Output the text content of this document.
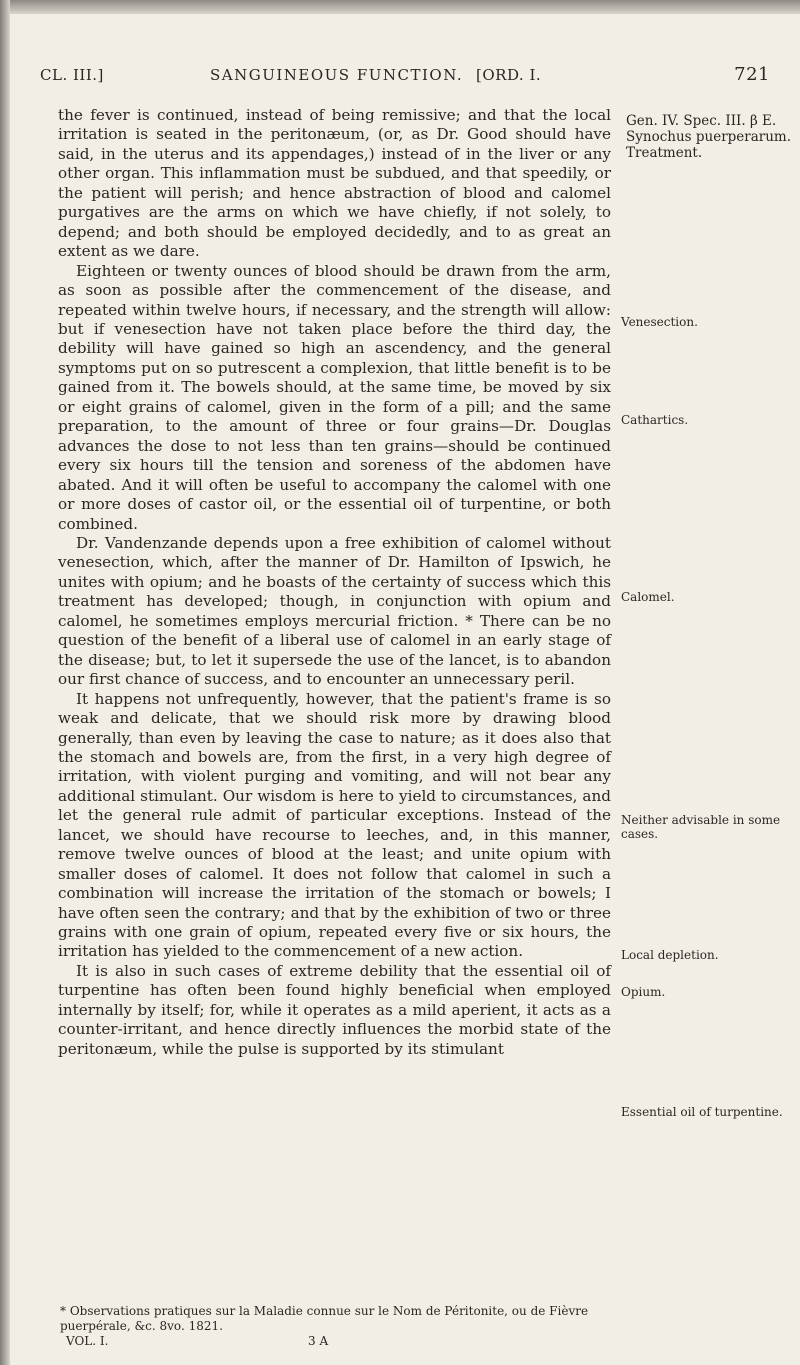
CL. III.]	SANGUINEOUS FUNCTION. [ORD. I.	721

the fever is continued, instead of being remissive; and that the local irritation is seated in the peritonæum, (or, as Dr. Good should have said, in the uterus and its appendages,) instead of in the liver or any other organ. This inflammation must be subdued, and that speedily, or the patient will perish; and hence abstraction of blood and calomel purgatives are the arms on which we have chiefly, if not solely, to depend; and both should be employed decidedly, and to as great an extent as we dare.

Eighteen or twenty ounces of blood should be drawn from the arm, as soon as possible after the commencement of the disease, and repeated within twelve hours, if necessary, and the strength will allow: but if venesection have not taken place before the third day, the debility will have gained so high an ascendency, and the general symptoms put on so putrescent a complexion, that little benefit is to be gained from it. The bowels should, at the same time, be moved by six or eight grains of calomel, given in the form of a pill; and the same preparation, to the amount of three or four grains—Dr. Douglas advances the dose to not less than ten grains—should be continued every six hours till the tension and soreness of the abdomen have abated. And it will often be useful to accompany the calomel with one or more doses of castor oil, or the essential oil of turpentine, or both combined.

Dr. Vandenzande depends upon a free exhibition of calomel without venesection, which, after the manner of Dr. Hamilton of Ipswich, he unites with opium; and he boasts of the certainty of success which this treatment has developed; though, in conjunction with opium and calomel, he sometimes employs mercurial friction. * There can be no question of the benefit of a liberal use of calomel in an early stage of the disease; but, to let it supersede the use of the lancet, is to abandon our first chance of success, and to encounter an unnecessary peril.

It happens not unfrequently, however, that the patient's frame is so weak and delicate, that we should risk more by drawing blood generally, than even by leaving the case to nature; as it does also that the stomach and bowels are, from the first, in a very high degree of irritation, with violent purging and vomiting, and will not bear any additional stimulant. Our wisdom is here to yield to circumstances, and let the general rule admit of particular exceptions. Instead of the lancet, we should have recourse to leeches, and, in this manner, remove twelve ounces of blood at the least; and unite opium with smaller doses of calomel. It does not follow that calomel in such a combination will increase the irritation of the stomach or bowels; I have often seen the contrary; and that by the exhibition of two or three grains with one grain of opium, repeated every five or six hours, the irritation has yielded to the commencement of a new action.

It is also in such cases of extreme debility that the essential oil of turpentine has often been found highly beneficial when employed internally by itself; for, while it operates as a mild aperient, it acts as a counter-irritant, and hence directly influences the morbid state of the peritonæum, while the pulse is supported by its stimulant

Gen. IV. Spec. III. β E. Synochus puerperarum. Treatment.
Venesection.
Cathartics.
Calomel.
Neither advisable in some cases.
Local depletion.
Opium.
Essential oil of turpentine.
* Observations pratiques sur la Maladie connue sur le Nom de Péritonite, ou de Fièvre puerpérale, &c. 8vo. 1821.
VOL. I.	3 A
